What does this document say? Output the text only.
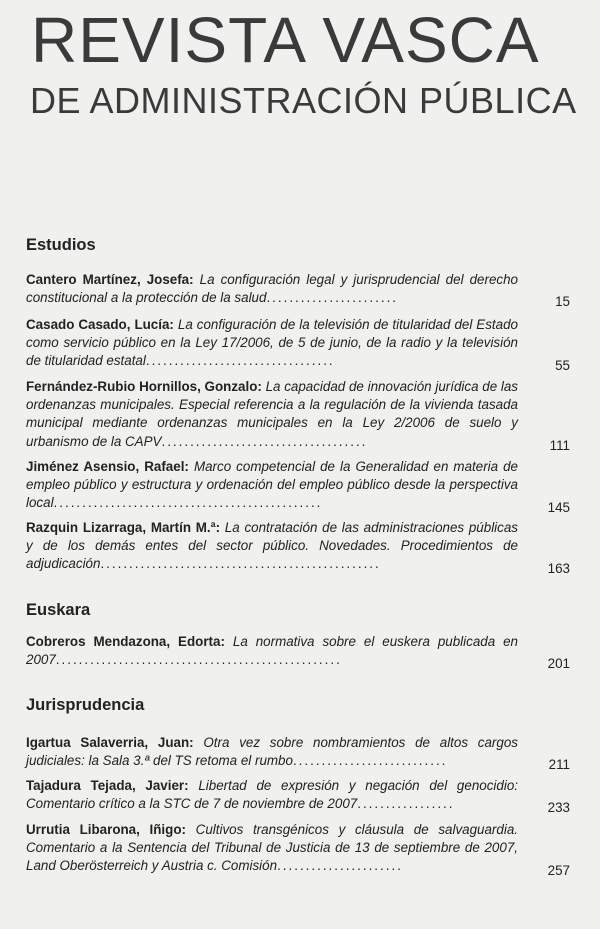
REVISTA VASCA
DE ADMINISTRACIÓN PÚBLICA
Estudios
Cantero Martínez, Josefa: La configuración legal y jurisprudencial del derecho constitucional a la protección de la salud.......................	15
Casado Casado, Lucía: La configuración de la televisión de titularidad del Estado como servicio público en la Ley 17/2006, de 5 de junio, de la radio y la televisión de titularidad estatal.................................	55
Fernández-Rubio Hornillos, Gonzalo: La capacidad de innovación jurídica de las ordenanzas municipales. Especial referencia a la regulación de la vivienda tasada municipal mediante ordenanzas municipales en la Ley 2/2006 de suelo y urbanismo de la CAPV....................................	111
Jiménez Asensio, Rafael: Marco competencial de la Generalidad en materia de empleo público y estructura y ordenación del empleo público desde la perspectiva local...............................................	145
Razquin Lizarraga, Martín M.ª: La contratación de las administraciones públicas y de los demás entes del sector público. Novedades. Procedimientos de adjudicación.................................................	163
Euskara
Cobreros Mendazona, Edorta: La normativa sobre el euskera publicada en 2007..................................................	201
Jurisprudencia
Igartua Salaverria, Juan: Otra vez sobre nombramientos de altos cargos judiciales: la Sala 3.ª del TS retoma el rumbo...........................	211
Tajadura Tejada, Javier: Libertad de expresión y negación del genocidio: Comentario crítico a la STC de 7 de noviembre de 2007.................	233
Urrutia Libarona, Iñigo: Cultivos transgénicos y cláusula de salvaguardia. Comentario a la Sentencia del Tribunal de Justicia de 13 de septiembre de 2007, Land Oberösterreich y Austria c. Comisión......................	257
